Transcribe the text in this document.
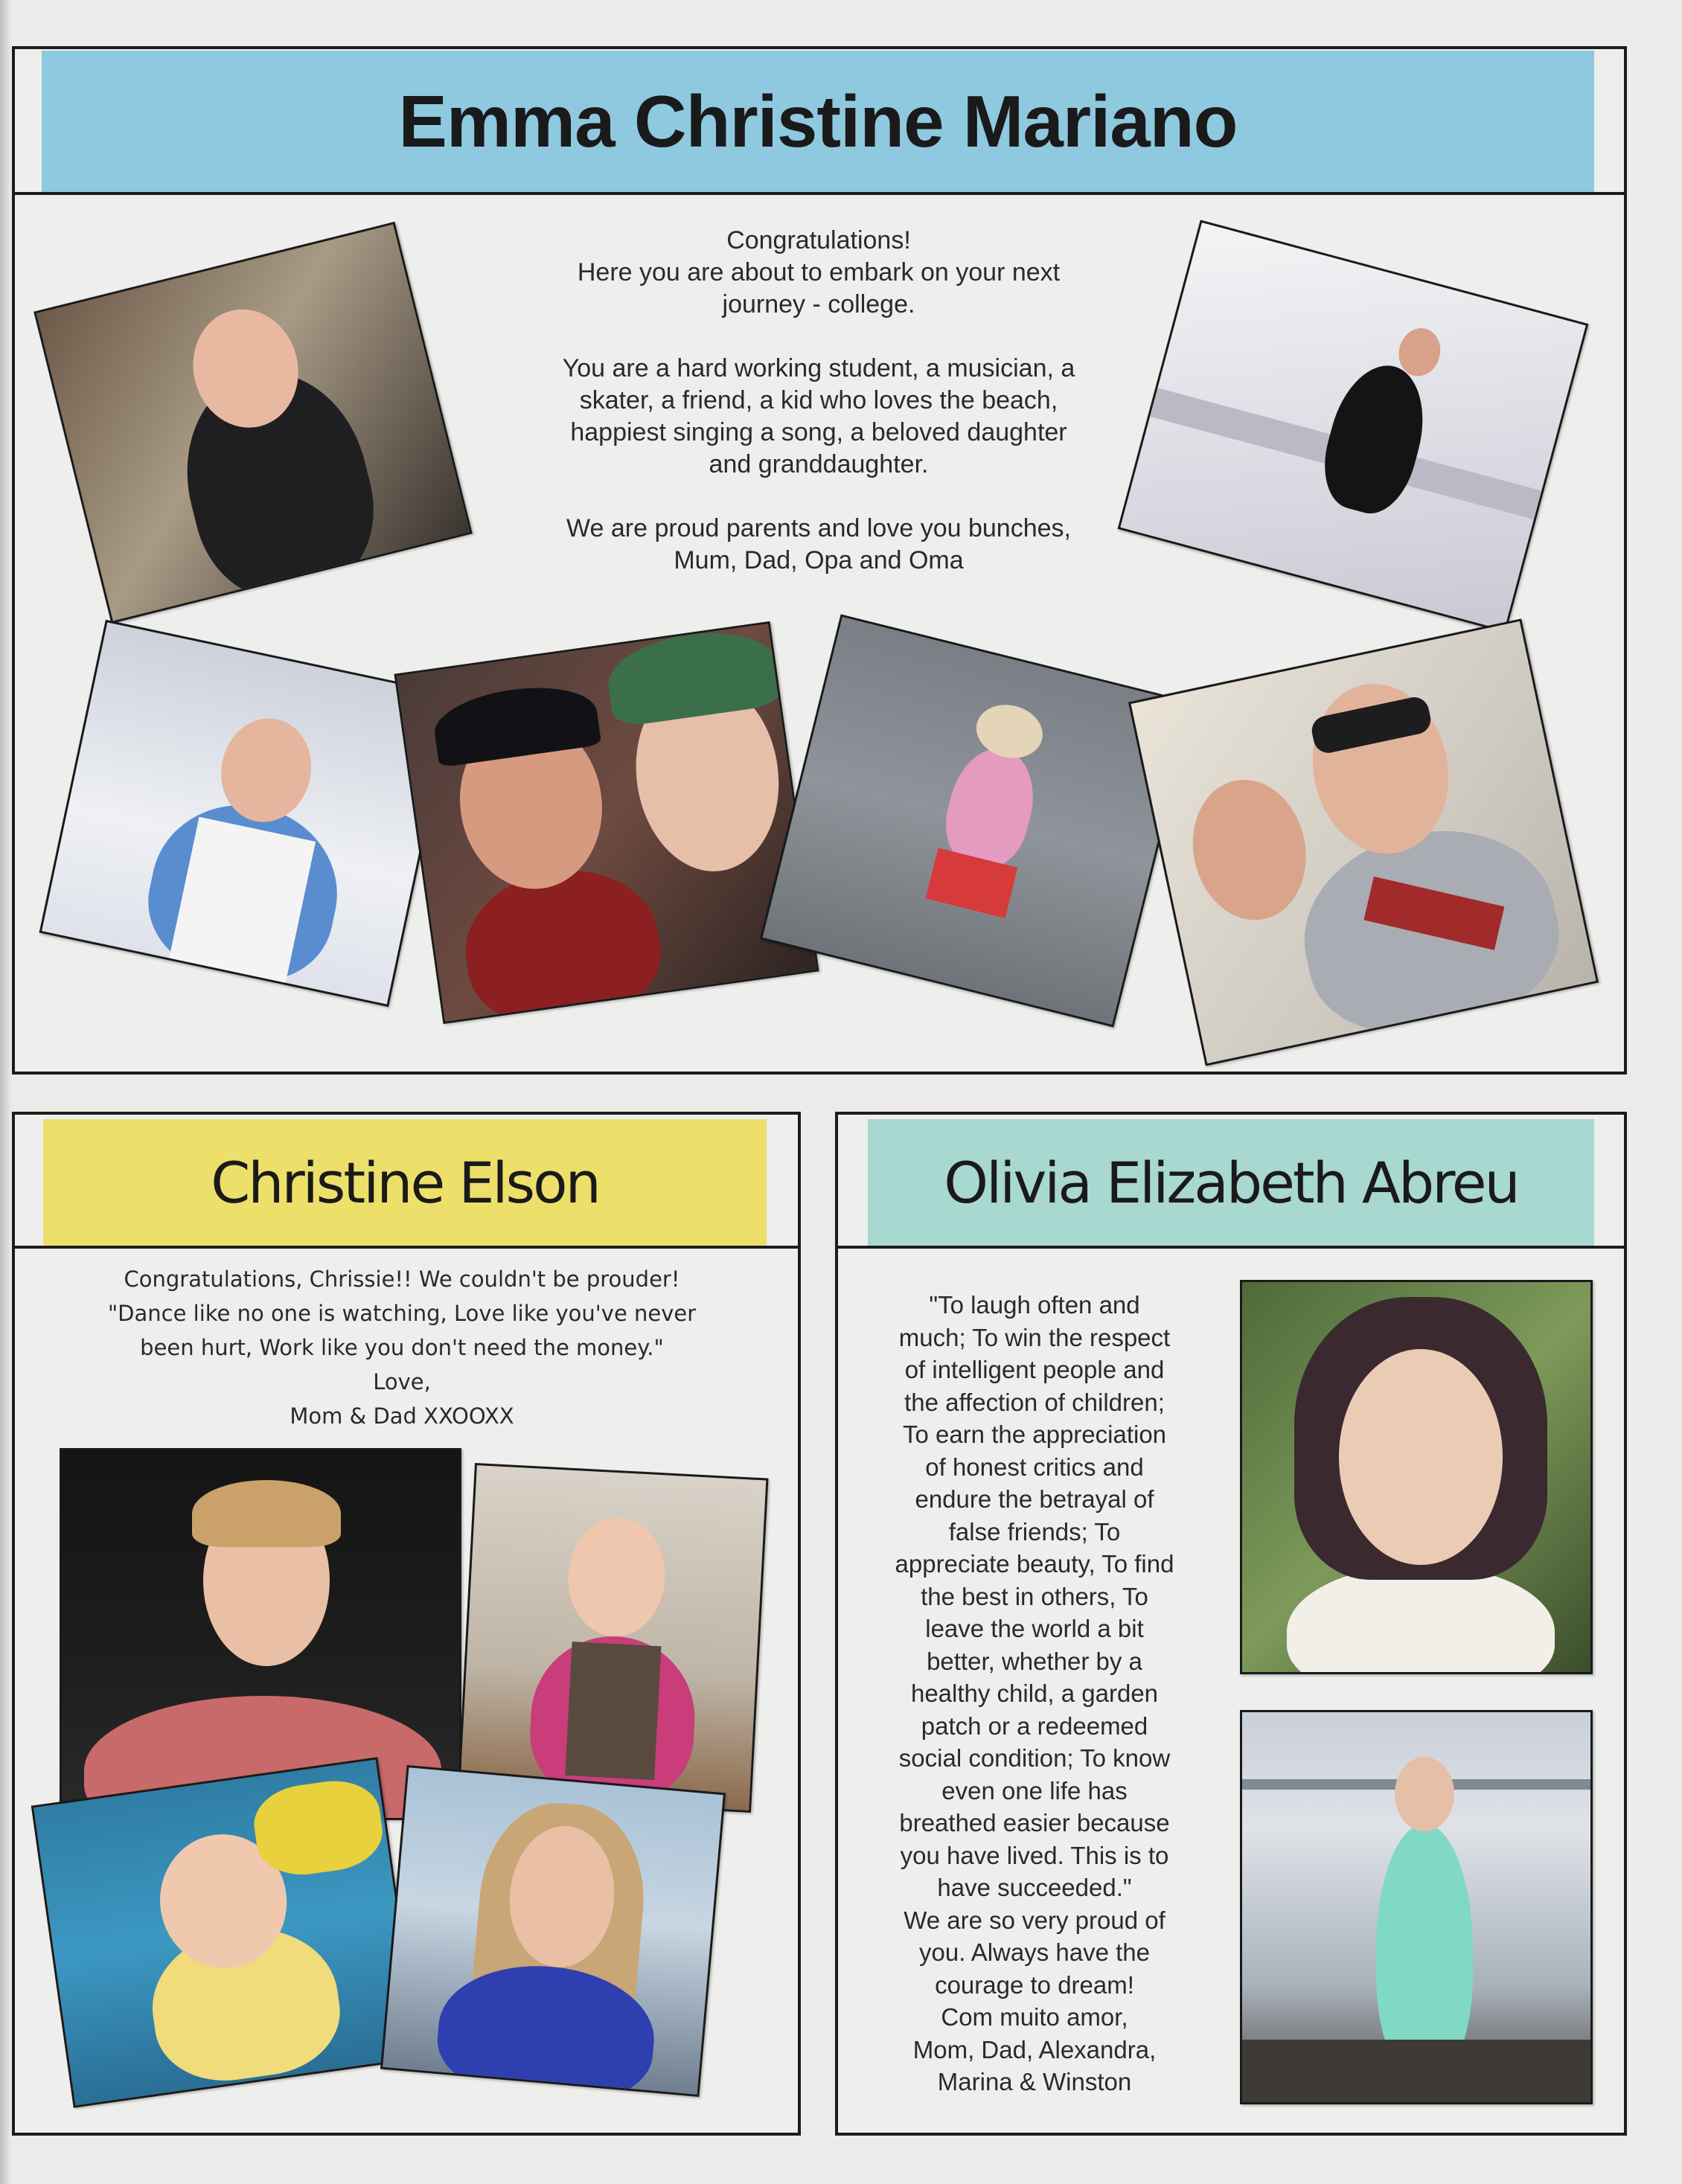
Emma Christine Mariano
Congratulations!
Here you are about to embark on your next
journey - college.

You are a hard working student, a musician, a
skater, a friend, a kid who loves the beach,
happiest singing a song, a beloved daughter
and granddaughter.

We are proud parents and love you bunches,
Mum, Dad, Opa and Oma
Christine Elson
Congratulations, Chrissie!! We couldn't be prouder!
"Dance like no one is watching, Love like you've never
been hurt, Work like you don't need the money."
Love,
Mom & Dad XXOOXX
Olivia Elizabeth Abreu
"To laugh often and
much; To win the respect
of intelligent people and
the affection of children;
To earn the appreciation
of honest critics and
endure the betrayal of
false friends; To
appreciate beauty, To find
the best in others, To
leave the world a bit
better, whether by a
healthy child, a garden
patch or a redeemed
social condition; To know
even one life has
breathed easier because
you have lived. This is to
have succeeded."
We are so very proud of
you. Always have the
courage to dream!
Com muito amor,
Mom, Dad, Alexandra,
Marina & Winston
